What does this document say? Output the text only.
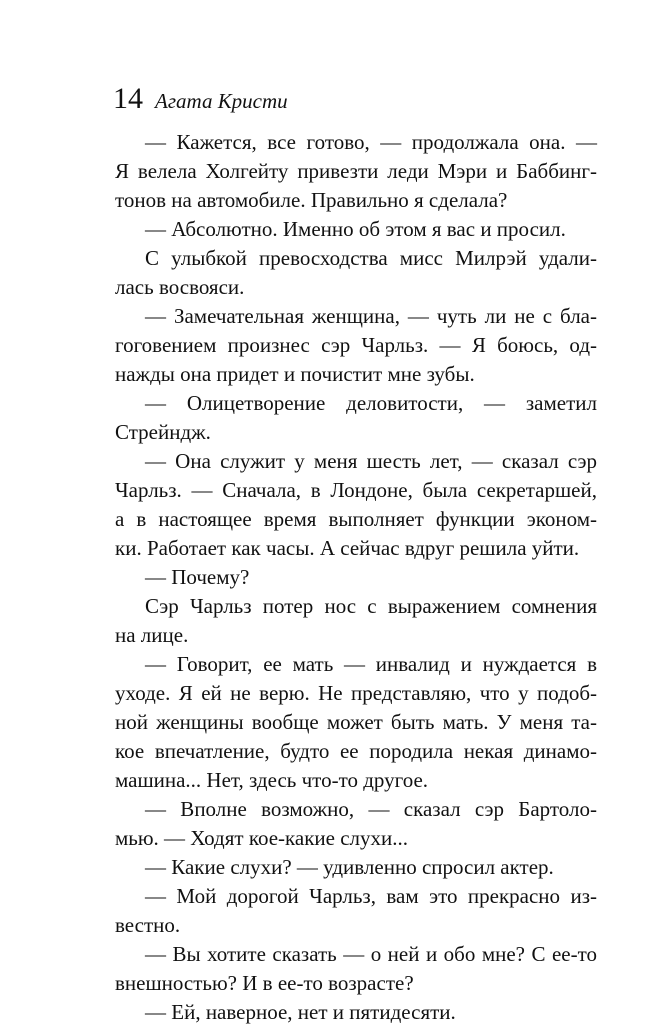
14 Агата Кристи
— Кажется, все готово, — продолжала она. —
Я велела Холгейту привезти леди Мэри и Баббинг-
тонов на автомобиле. Правильно я сделала?
— Абсолютно. Именно об этом я вас и просил.
С улыбкой превосходства мисс Милрэй удали-
лась восвояси.
— Замечательная женщина, — чуть ли не с бла-
гоговением произнес сэр Чарльз. — Я боюсь, од-
нажды она придет и почистит мне зубы.
— Олицетворение деловитости, — заметил
Стрейндж.
— Она служит у меня шесть лет, — сказал сэр
Чарльз. — Сначала, в Лондоне, была секретаршей,
а в настоящее время выполняет функции эконом-
ки. Работает как часы. А сейчас вдруг решила уйти.
— Почему?
Сэр Чарльз потер нос с выражением сомнения
на лице.
— Говорит, ее мать — инвалид и нуждается в
уходе. Я ей не верю. Не представляю, что у подоб-
ной женщины вообще может быть мать. У меня та-
кое впечатление, будто ее породила некая динамо-
машина... Нет, здесь что-то другое.
— Вполне возможно, — сказал сэр Бартоло-
мью. — Ходят кое-какие слухи...
— Какие слухи? — удивленно спросил актер.
— Мой дорогой Чарльз, вам это прекрасно из-
вестно.
— Вы хотите сказать — о ней и обо мне? С ее-то
внешностью? И в ее-то возрасте?
— Ей, наверное, нет и пятидесяти.
